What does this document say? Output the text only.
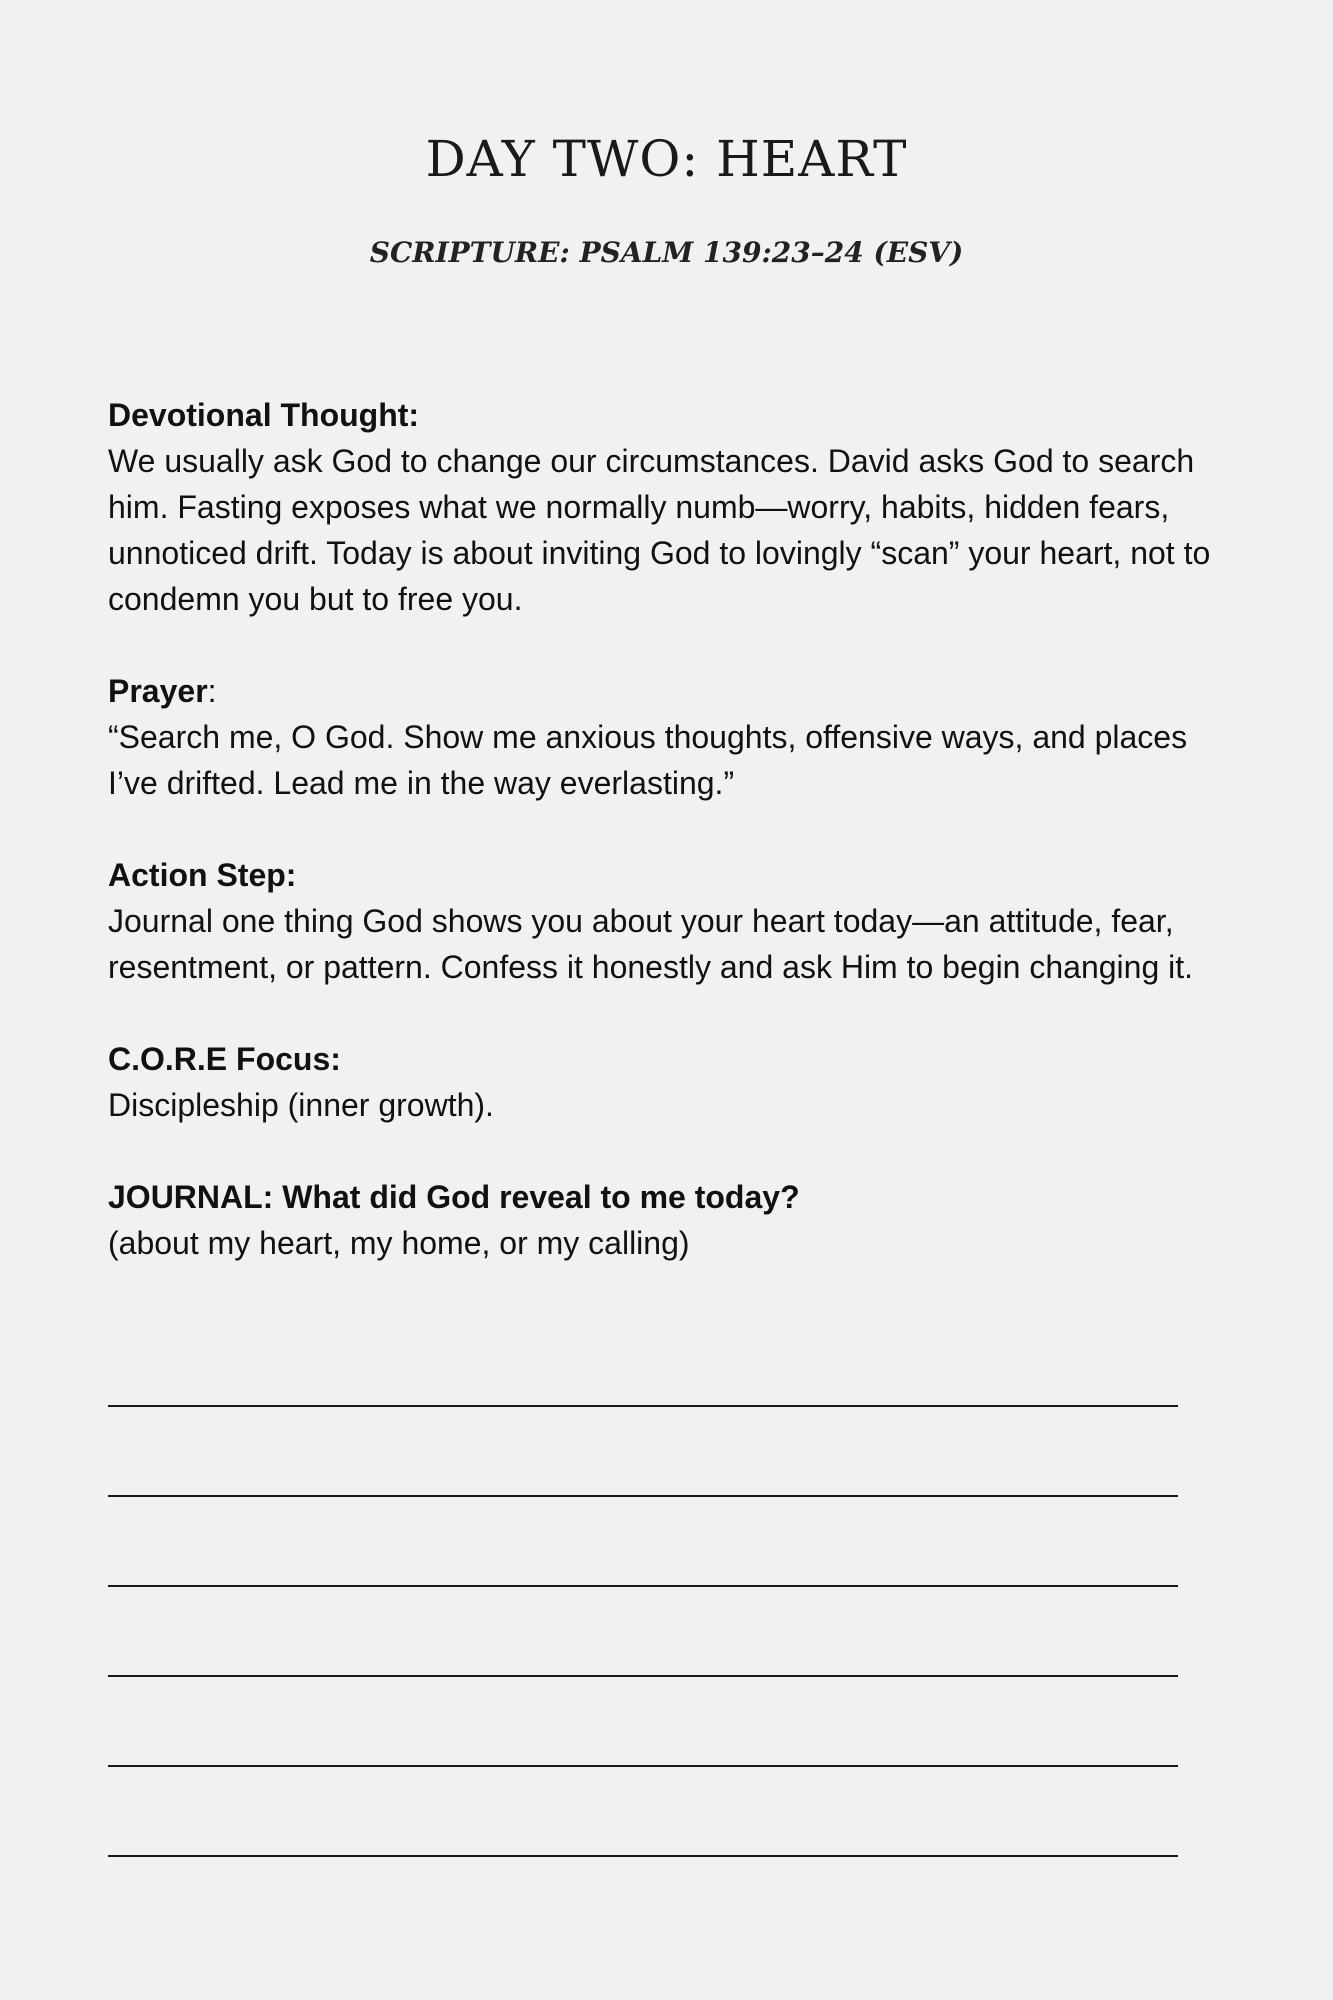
DAY TWO: HEART
SCRIPTURE: PSALM 139:23–24 (ESV)
Devotional Thought:
We usually ask God to change our circumstances. David asks God to search him. Fasting exposes what we normally numb—worry, habits, hidden fears, unnoticed drift. Today is about inviting God to lovingly “scan” your heart, not to condemn you but to free you.
Prayer:
“Search me, O God. Show me anxious thoughts, offensive ways, and places I’ve drifted. Lead me in the way everlasting.”
Action Step:
Journal one thing God shows you about your heart today—an attitude, fear, resentment, or pattern. Confess it honestly and ask Him to begin changing it.
C.O.R.E Focus:
Discipleship (inner growth).
JOURNAL: What did God reveal to me today?
(about my heart, my home, or my calling)
